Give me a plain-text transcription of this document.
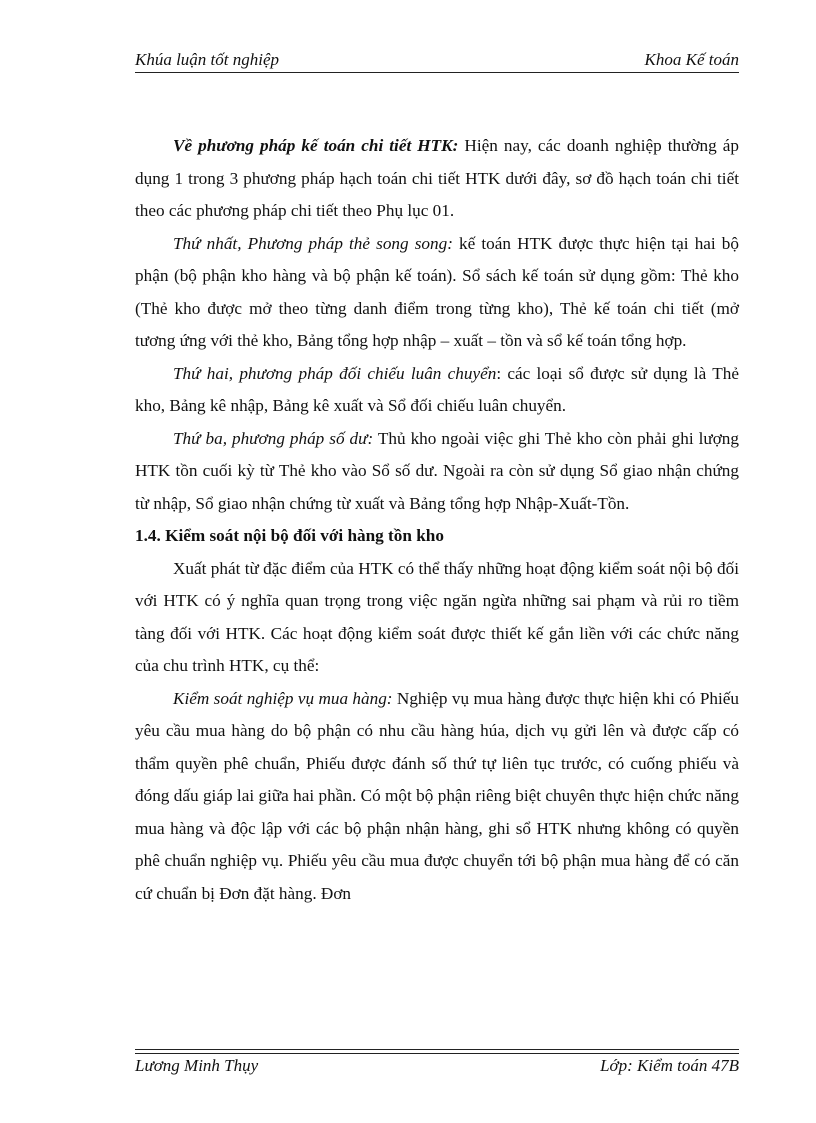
Khúa luận tốt nghiệp	Khoa Kế toán

Về phương pháp kế toán chi tiết HTK: Hiện nay, các doanh nghiệp thường áp dụng 1 trong 3 phương pháp hạch toán chi tiết HTK dưới đây, sơ đồ hạch toán chi tiết theo các phương pháp chi tiết theo Phụ lục 01.

Thứ nhất, Phương pháp thẻ song song: kế toán HTK được thực hiện tại hai bộ phận (bộ phận kho hàng và bộ phận kế toán). Sổ sách kế toán sử dụng gồm: Thẻ kho (Thẻ kho được mở theo từng danh điểm trong từng kho), Thẻ kế toán chi tiết (mở tương ứng với thẻ kho, Bảng tổng hợp nhập – xuất – tồn và sổ kế toán tổng hợp.

Thứ hai, phương pháp đối chiếu luân chuyển: các loại sổ được sử dụng là Thẻ kho, Bảng kê nhập, Bảng kê xuất và Sổ đối chiếu luân chuyển.

Thứ ba, phương pháp số dư: Thủ kho ngoài việc ghi Thẻ kho còn phải ghi lượng HTK tồn cuối kỳ từ Thẻ kho vào Sổ số dư. Ngoài ra còn sử dụng Sổ giao nhận chứng từ nhập, Sổ giao nhận chứng từ xuất và Bảng tổng hợp Nhập-Xuất-Tồn.

1.4. Kiểm soát nội bộ đối với hàng tồn kho

Xuất phát từ đặc điểm của HTK có thể thấy những hoạt động kiểm soát nội bộ đối với HTK có ý nghĩa quan trọng trong việc ngăn ngừa những sai phạm và rủi ro tiềm tàng đối với HTK. Các hoạt động kiểm soát được thiết kế gắn liền với các chức năng của chu trình HTK, cụ thể:

Kiểm soát nghiệp vụ mua hàng: Nghiệp vụ mua hàng được thực hiện khi có Phiếu yêu cầu mua hàng do bộ phận có nhu cầu hàng húa, dịch vụ gửi lên và được cấp có thẩm quyền phê chuẩn, Phiếu được đánh số thứ tự liên tục trước, có cuống phiếu và đóng dấu giáp lai giữa hai phần. Có một bộ phận riêng biệt chuyên thực hiện chức năng mua hàng và độc lập với các bộ phận nhận hàng, ghi sổ HTK nhưng không có quyền phê chuẩn nghiệp vụ. Phiếu yêu cầu mua được chuyển tới bộ phận mua hàng để có căn cứ chuẩn bị Đơn đặt hàng. Đơn

Lương Minh Thụy	Lớp: Kiểm toán 47B
